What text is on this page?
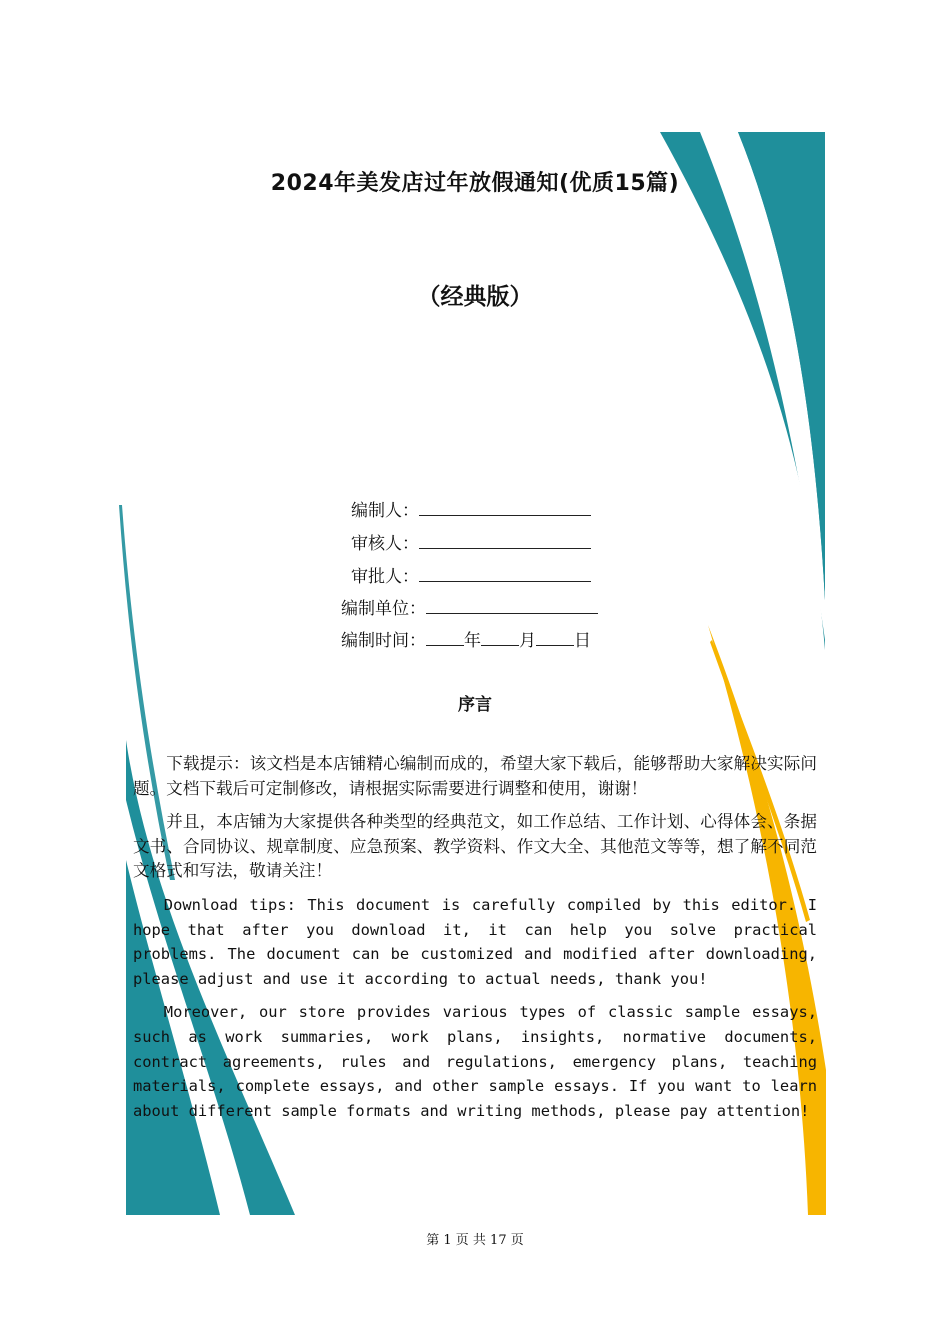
2024年美发店过年放假通知(优质15篇)
（经典版）
编制人：
审核人：
审批人：
编制单位：
编制时间： 年 月 日
序言

下载提示：该文档是本店铺精心编制而成的，希望大家下载后，能够帮助大家解决实际问题。文档下载后可定制修改，请根据实际需要进行调整和使用，谢谢！

并且，本店铺为大家提供各种类型的经典范文，如工作总结、工作计划、心得体会、条据文书、合同协议、规章制度、应急预案、教学资料、作文大全、其他范文等等，想了解不同范文格式和写法，敬请关注！

Download tips: This document is carefully compiled by this editor. I hope that after you download it, it can help you solve practical problems. The document can be customized and modified after downloading, please adjust and use it according to actual needs, thank you!

Moreover, our store provides various types of classic sample essays, such as work summaries, work plans, insights, normative documents, contract agreements, rules and regulations, emergency plans, teaching materials, complete essays, and other sample essays. If you want to learn about different sample formats and writing methods, please pay attention!

第 1 页 共 17 页
